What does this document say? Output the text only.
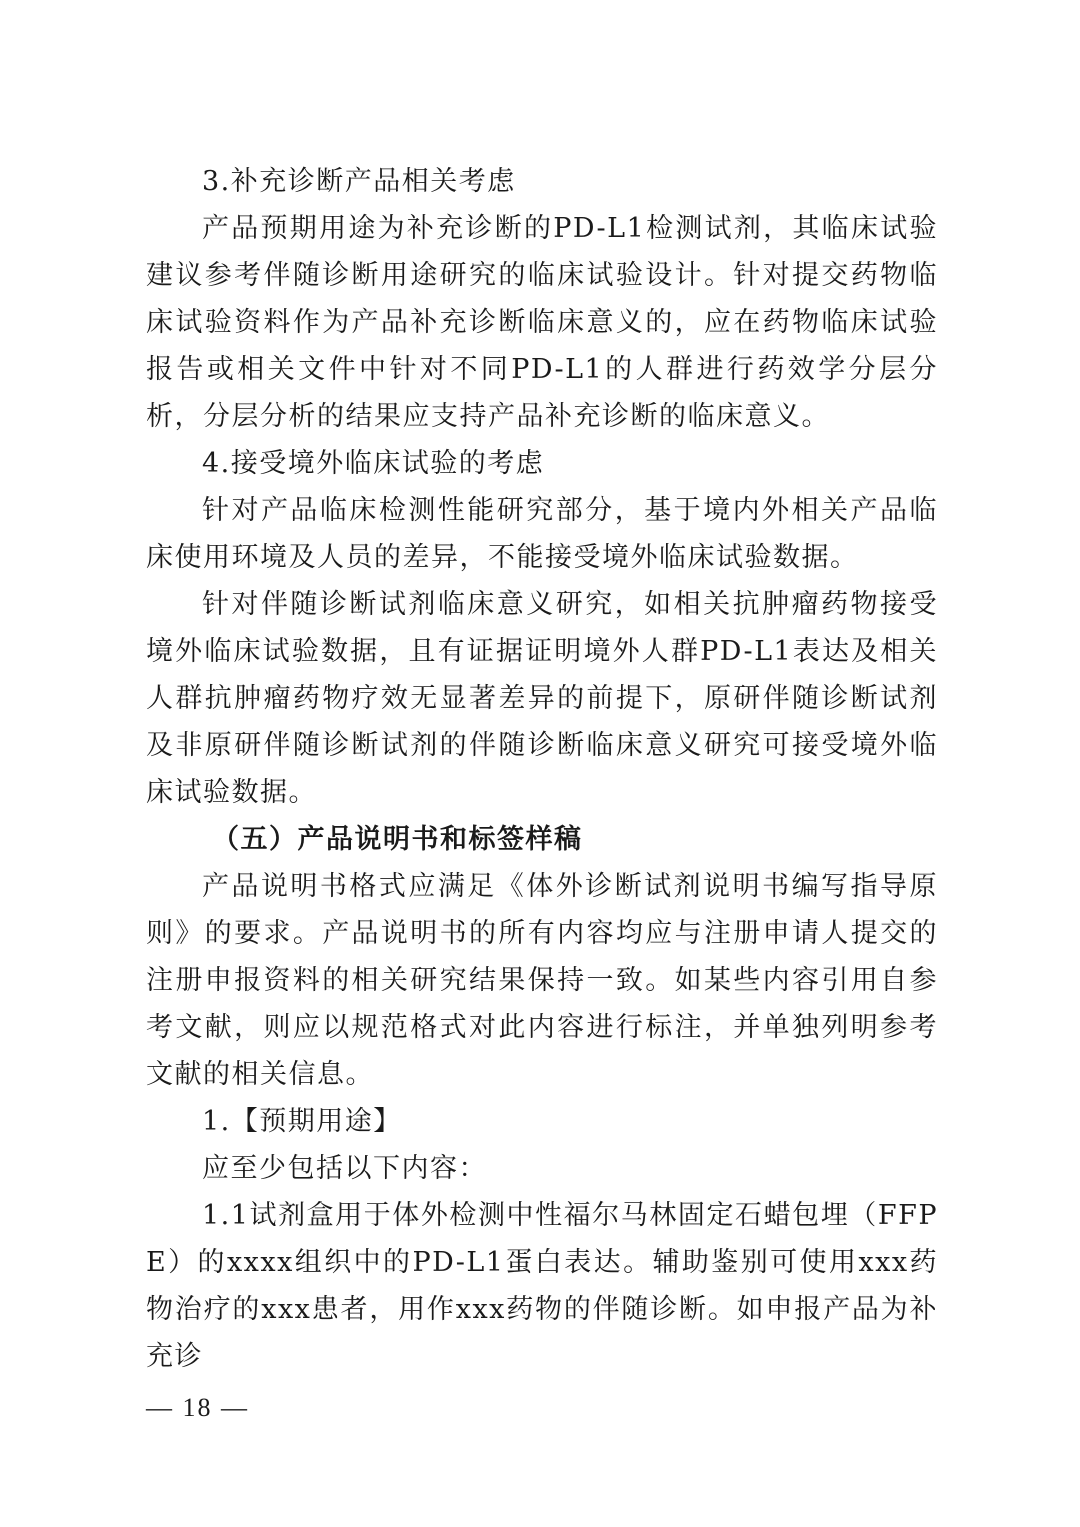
3.补充诊断产品相关考虑

产品预期用途为补充诊断的PD-L1检测试剂，其临床试验建议参考伴随诊断用途研究的临床试验设计。针对提交药物临床试验资料作为产品补充诊断临床意义的，应在药物临床试验报告或相关文件中针对不同PD-L1的人群进行药效学分层分析，分层分析的结果应支持产品补充诊断的临床意义。

4.接受境外临床试验的考虑

针对产品临床检测性能研究部分，基于境内外相关产品临床使用环境及人员的差异，不能接受境外临床试验数据。

针对伴随诊断试剂临床意义研究，如相关抗肿瘤药物接受境外临床试验数据，且有证据证明境外人群PD-L1表达及相关人群抗肿瘤药物疗效无显著差异的前提下，原研伴随诊断试剂及非原研伴随诊断试剂的伴随诊断临床意义研究可接受境外临床试验数据。

（五）产品说明书和标签样稿

产品说明书格式应满足《体外诊断试剂说明书编写指导原则》的要求。产品说明书的所有内容均应与注册申请人提交的注册申报资料的相关研究结果保持一致。如某些内容引用自参考文献，则应以规范格式对此内容进行标注，并单独列明参考文献的相关信息。

1.【预期用途】

应至少包括以下内容：

1.1试剂盒用于体外检测中性福尔马林固定石蜡包埋（FFPE）的xxxx组织中的PD-L1蛋白表达。辅助鉴别可使用xxx药物治疗的xxx患者，用作xxx药物的伴随诊断。如申报产品为补充诊

— 18 —
